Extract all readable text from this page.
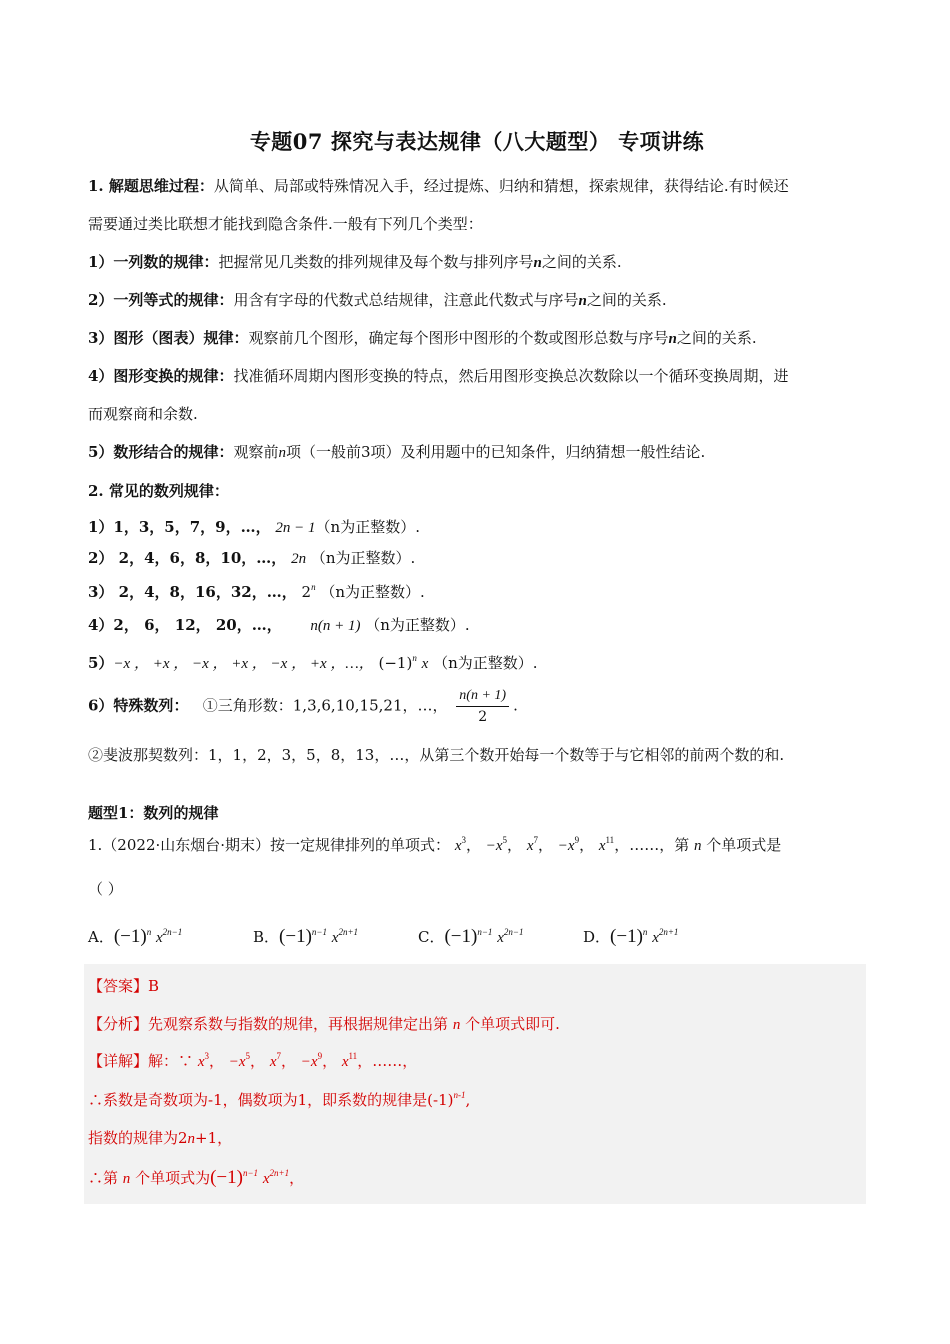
专题07 探究与表达规律（八大题型） 专项讲练
1. 解题思维过程：从简单、局部或特殊情况入手，经过提炼、归纳和猜想，探索规律，获得结论.有时候还
需要通过类比联想才能找到隐含条件.一般有下列几个类型：
1）一列数的规律：把握常见几类数的排列规律及每个数与排列序号n之间的关系.
2）一列等式的规律：用含有字母的代数式总结规律，注意此代数式与序号n之间的关系.
3）图形（图表）规律：观察前几个图形，确定每个图形中图形的个数或图形总数与序号n之间的关系.
4）图形变换的规律：找准循环周期内图形变换的特点，然后用图形变换总次数除以一个循环变换周期，进
而观察商和余数.
5）数形结合的规律：观察前n项（一般前3项）及利用题中的已知条件，归纳猜想一般性结论.
2. 常见的数列规律：
1）1，3，5，7，9，…， 2n − 1（n为正整数）.
2） 2，4，6，8，10，…， 2n （n为正整数）.
3） 2，4，8，16，32，…， 2$^n$ （n为正整数）.
4）2， 6， 12， 20，…， n(n + 1) （n为正整数）.
5）−x ， +x ， −x ， +x ， −x ， +x ，…， $(-1)^n$ x （n为正整数）.
6）特殊数列： ①三角形数：1,3,6,10,15,21，…， $\frac{n(n + 1)}{2}$ .
②斐波那契数列：1，1，2，3，5，8，13，…，从第三个数开始每一个数等于与它相邻的前两个数的和.
题型1：数列的规律
1.（2022·山东烟台·期末）按一定规律排列的单项式： $x^3$， $-x^5$， $x^7$， $-x^9$， $x^{11}$，……，第 n 个单项式是
（ ）
A．$(-1)^n$ $x^{2n-1}$	B．$(-1)^{n-1}$ $x^{2n+1}$	C．$(-1)^{n-1}$ $x^{2n-1}$	D．$(-1)^n$ $x^{2n+1}$
【答案】B
【分析】先观察系数与指数的规律，再根据规律定出第 n 个单项式即可.
【详解】解：∵ $x^3$， $-x^5$， $x^7$， $-x^9$， $x^{11}$，……，
∴系数是奇数项为-1，偶数项为1，即系数的规律是$(-1)^{n-1}$,
指数的规律为2n+1，
∴第 n 个单项式为$(-1)^{n-1}$ $x^{2n+1}$，
